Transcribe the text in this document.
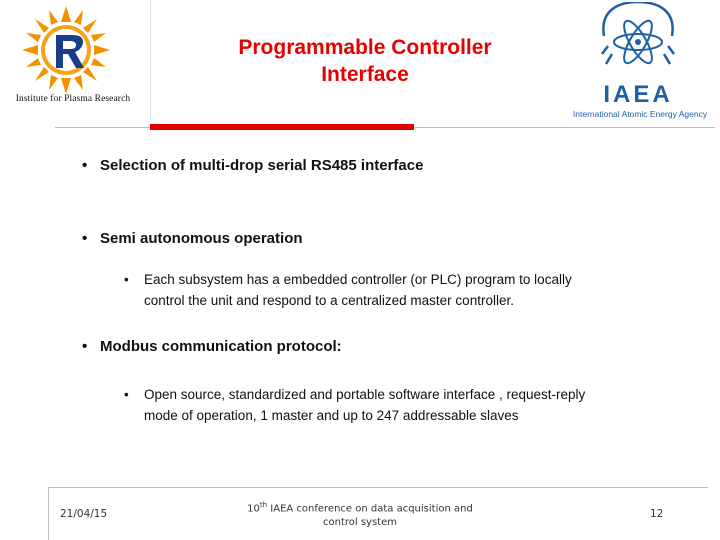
Institute for Plasma Research
Programmable Controller
Interface
IAEA
International Atomic Energy Agency
• Selection of multi-drop serial RS485 interface
• Semi autonomous operation
• Each subsystem has a embedded controller (or PLC) program to locally
control the unit and respond to a centralized master controller.
• Modbus communication protocol:
• Open source, standardized and portable software interface , request-reply
mode of operation, 1 master and up to 247 addressable slaves
21/04/15	10th IAEA conference on data acquisition and
control system
12
